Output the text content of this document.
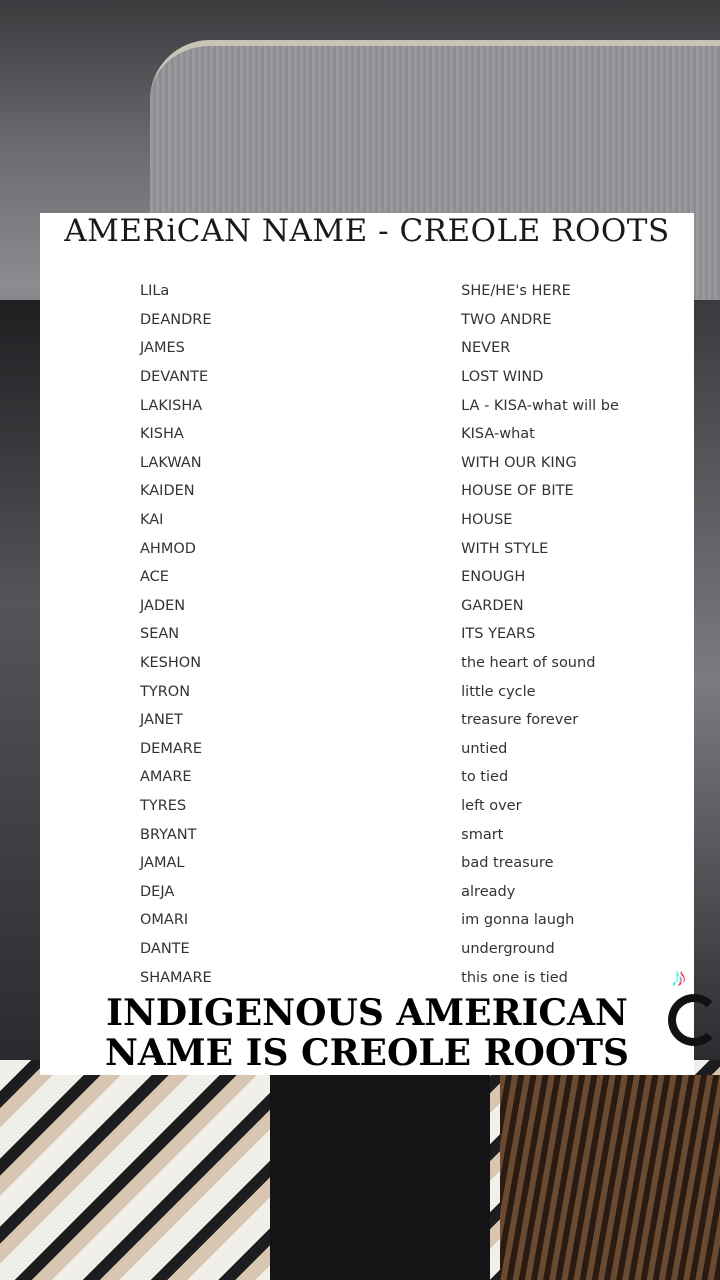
AMERiCAN NAME - CREOLE ROOTS
LILa	SHE/HE's HERE
DEANDRE	TWO ANDRE
JAMES	NEVER
DEVANTE	LOST WIND
LAKISHA	LA - KISA-what will be
KISHA	KISA-what
LAKWAN	WITH OUR KING
KAIDEN	HOUSE OF BITE
KAI	HOUSE
AHMOD	WITH STYLE
ACE	ENOUGH
JADEN	GARDEN
SEAN	ITS YEARS
KESHON	the heart of sound
TYRON	little cycle
JANET	treasure forever
DEMARE	untied
AMARE	to tied
TYRES	left over
BRYANT	smart
JAMAL	bad treasure
DEJA	already
OMARI	im gonna laugh
DANTE	underground
SHAMARE	this one is tied
INDIGENOUS AMERICAN
NAME IS CREOLE ROOTS
♪
